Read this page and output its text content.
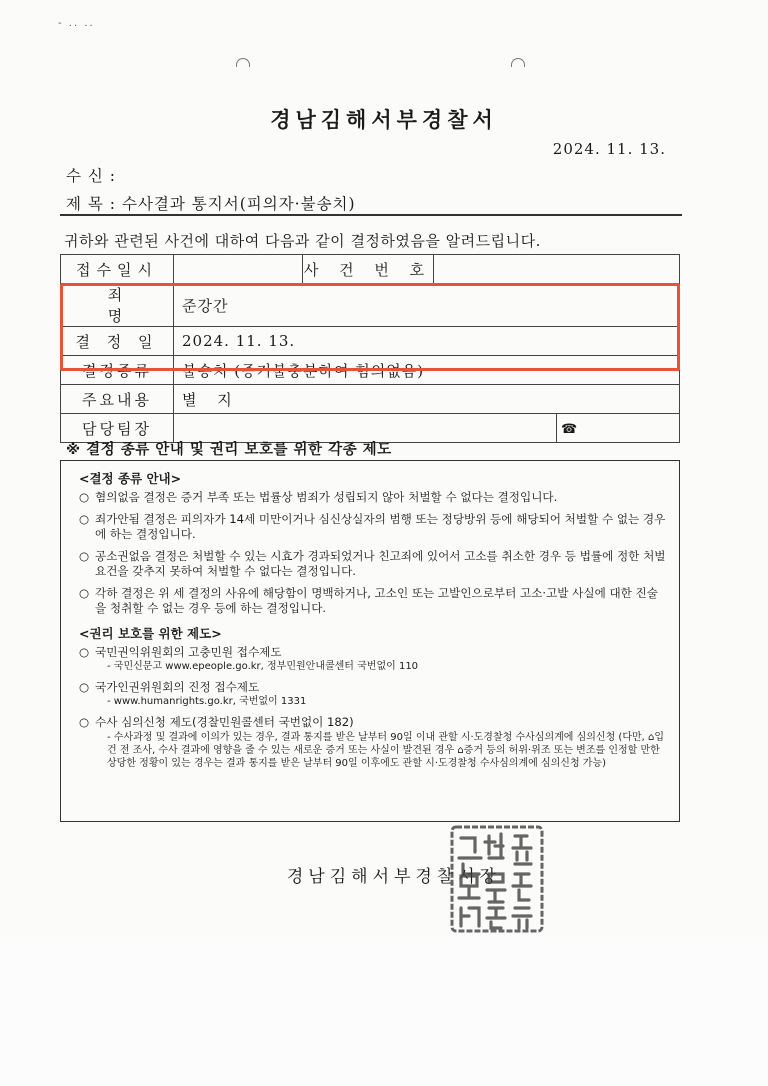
- .. ..
경남김해서부경찰서
2024. 11. 13.
수 신 :
제 목 : 수사결과 통지서(피의자·불송치)
귀하와 관련된 사건에 대하여 다음과 같이 결정하였음을 알려드립니다.
접수일시		사 건 번 호		
죄 명	준강간			
결 정 일	2024. 11. 13.			
결정종류	불송치 (증거불충분하여 혐의없음)			
주요내용	별 지			
담당팀장				☎
※ 결정 종류 안내 및 권리 보호를 위한 각종 제도
<결정 종류 안내>
○ 혐의없음 결정은 증거 부족 또는 법률상 범죄가 성립되지 않아 처벌할 수 없다는 결정입니다.
○ 죄가안됨 결정은 피의자가 14세 미만이거나 심신상실자의 범행 또는 정당방위 등에 해당되어 처벌할 수 없는 경우에 하는 결정입니다.
○ 공소권없음 결정은 처벌할 수 있는 시효가 경과되었거나 친고죄에 있어서 고소를 취소한 경우 등 법률에 정한 처벌요건을 갖추지 못하여 처벌할 수 없다는 결정입니다.
○ 각하 결정은 위 세 결정의 사유에 해당함이 명백하거나, 고소인 또는 고발인으로부터 고소·고발 사실에 대한 진술을 청취할 수 없는 경우 등에 하는 결정입니다.
<권리 보호를 위한 제도>
○ 국민권익위원회의 고충민원 접수제도
- 국민신문고 www.epeople.go.kr, 정부민원안내콜센터 국번없이 110
○ 국가인권위원회의 진정 접수제도
- www.humanrights.go.kr, 국번없이 1331
○ 수사 심의신청 제도(경찰민원콜센터 국번없이 182)
- 수사과정 및 결과에 이의가 있는 경우, 결과 통지를 받은 날부터 90일 이내 관할 시·도경찰청 수사심의계에 심의신청 (다만, ⌂입건 전 조사, 수사 결과에 영향을 줄 수 있는 새로운 증거 또는 사실이 발견된 경우 ⌂증거 등의 허위·위조 또는 변조를 인정할 만한 상당한 정황이 있는 경우는 결과 통지를 받은 날부터 90일 이후에도 관할 시·도경찰청 수사심의계에 심의신청 가능)
경남김해서부경찰서장
